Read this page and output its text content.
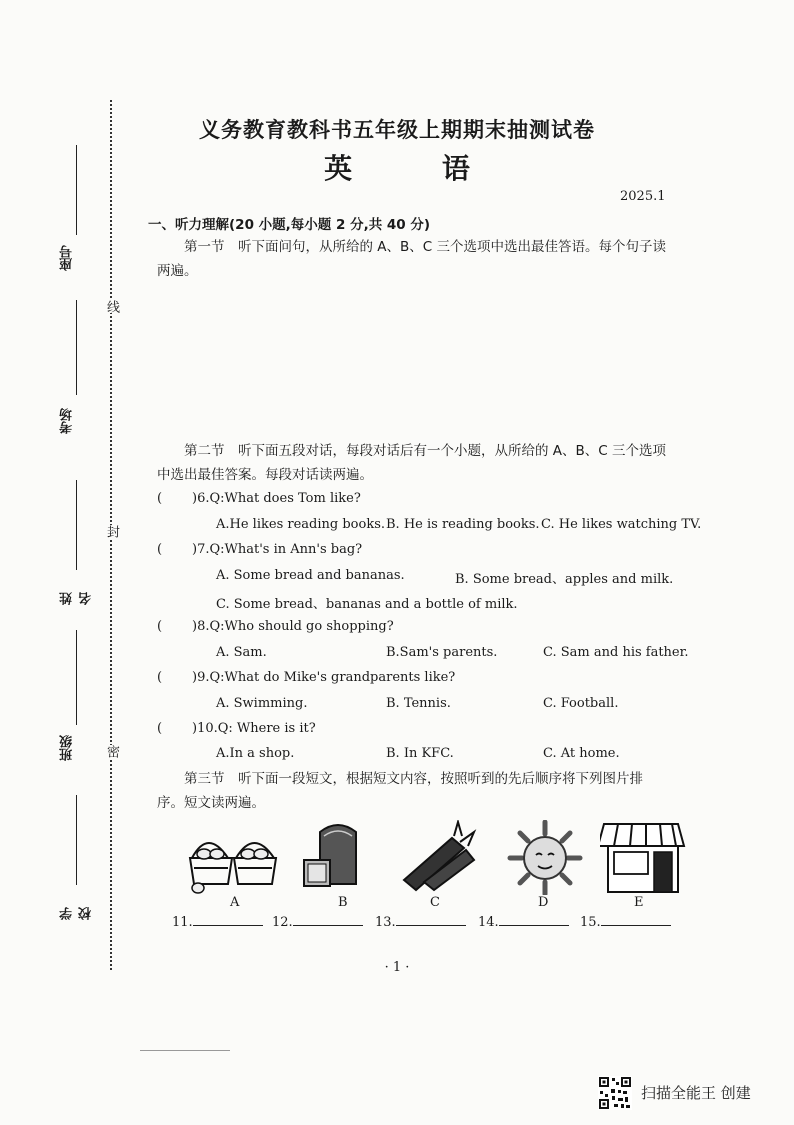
线
封
密
座号
考场
姓名
班级
学校
义务教育教科书五年级上期期末抽测试卷
英 语
2025.1
一、听力理解(20 小题,每小题 2 分,共 40 分)
第一节　听下面问句，从所给的 A、B、C 三个选项中选出最佳答语。每个句子读
两遍。
第二节　听下面五段对话，每段对话后有一个小题，从所给的 A、B、C 三个选项
中选出最佳答案。每段对话读两遍。
( )6.Q:What does Tom like?
A.He likes reading books. B. He is reading books. C. He likes watching TV.
( )7.Q:What's in Ann's bag?
A. Some bread and bananas.	B. Some bread、apples and milk.
C. Some bread、bananas and a bottle of milk.
( )8.Q:Who should go shopping?
A. Sam.	B.Sam's parents.	C. Sam and his father.
( )9.Q:What do Mike's grandparents like?
A. Swimming.	B. Tennis.	C. Football.
( )10.Q: Where is it?
A.In a shop.	B. In KFC.	C. At home.
第三节　听下面一段短文，根据短文内容，按照听到的先后顺序将下列图片排
序。短文读两遍。
A	B	C	D	E
11.	12.	13.	14.	15.
· 1 ·
扫描全能王 创建
